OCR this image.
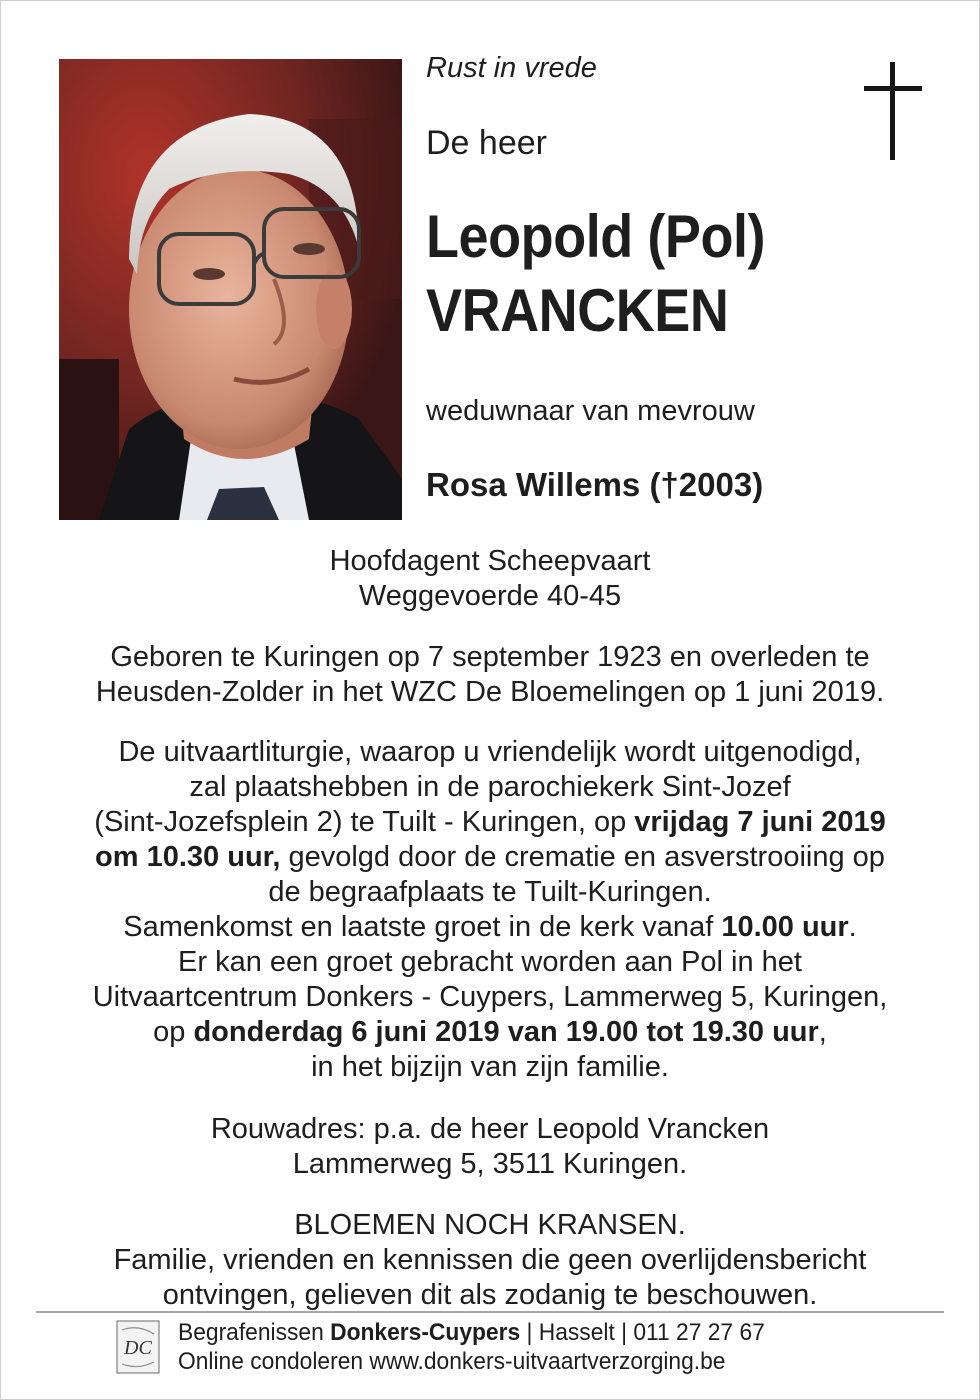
Rust in vrede
De heer
Leopold (Pol)
VRANCKEN
weduwnaar van mevrouw
Rosa Willems (†2003)

Hoofdagent Scheepvaart

Weggevoerde 40-45

Geboren te Kuringen op 7 september 1923 en overleden te

Heusden-Zolder in het WZC De Bloemelingen op 1 juni 2019.

De uitvaartliturgie, waarop u vriendelijk wordt uitgenodigd,

zal plaatshebben in de parochiekerk Sint-Jozef

(Sint-Jozefsplein 2) te Tuilt - Kuringen, op vrijdag 7 juni 2019

om 10.30 uur, gevolgd door de crematie en asverstrooiing op

de begraafplaats te Tuilt-Kuringen.

Samenkomst en laatste groet in de kerk vanaf 10.00 uur.

Er kan een groet gebracht worden aan Pol in het

Uitvaartcentrum Donkers - Cuypers, Lammerweg 5, Kuringen,

op donderdag 6 juni 2019 van 19.00 tot 19.30 uur,

in het bijzijn van zijn familie.

Rouwadres: p.a. de heer Leopold Vrancken

Lammerweg 5, 3511 Kuringen.

BLOEMEN NOCH KRANSEN.

Familie, vrienden en kennissen die geen overlijdensbericht

ontvingen, gelieven dit als zodanig te beschouwen.

DC
Begrafenissen Donkers-Cuypers | Hasselt | 011 27 27 67
Online condoleren www.donkers-uitvaartverzorging.be
